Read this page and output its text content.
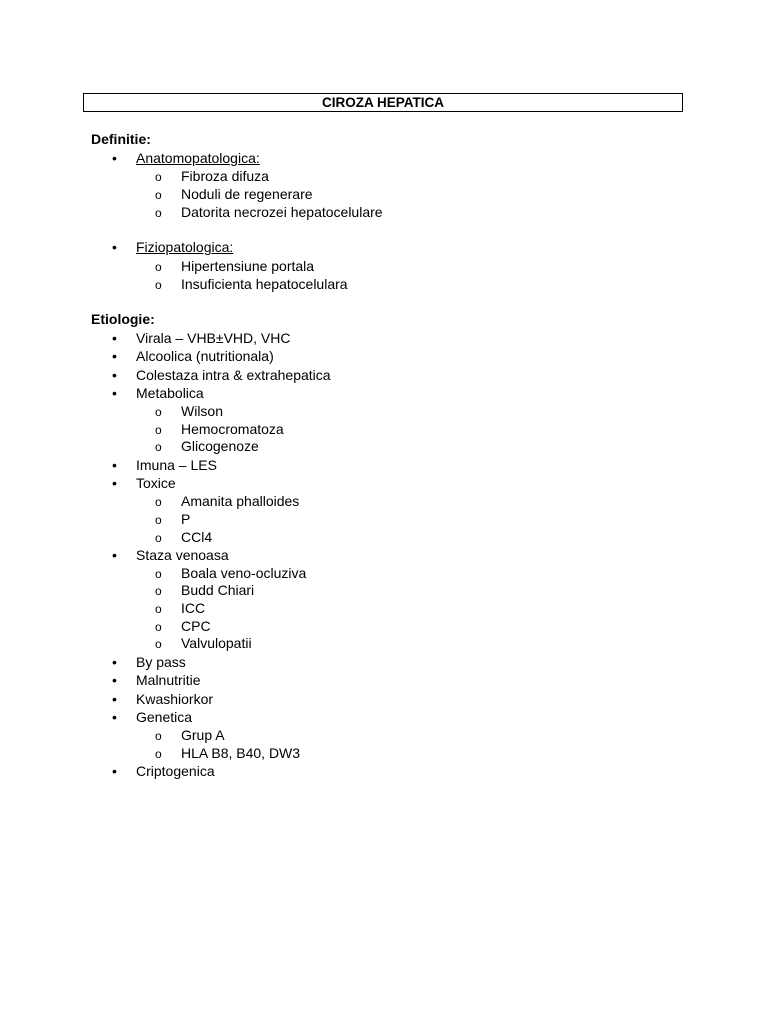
CIROZA HEPATICA
Definitie:
• Anatomopatologica:
o Fibroza difuza
o Noduli de regenerare
o Datorita necrozei hepatocelulare
• Fiziopatologica:
o Hipertensiune portala
o Insuficienta hepatocelulara
Etiologie:
• Virala – VHB±VHD, VHC
• Alcoolica (nutritionala)
• Colestaza intra & extrahepatica
• Metabolica
o Wilson
o Hemocromatoza
o Glicogenoze
• Imuna – LES
• Toxice
o Amanita phalloides
o P
o CCl4
• Staza venoasa
o Boala veno-ocluziva
o Budd Chiari
o ICC
o CPC
o Valvulopatii
• By pass
• Malnutritie
• Kwashiorkor
• Genetica
o Grup A
o HLA B8, B40, DW3
• Criptogenica
